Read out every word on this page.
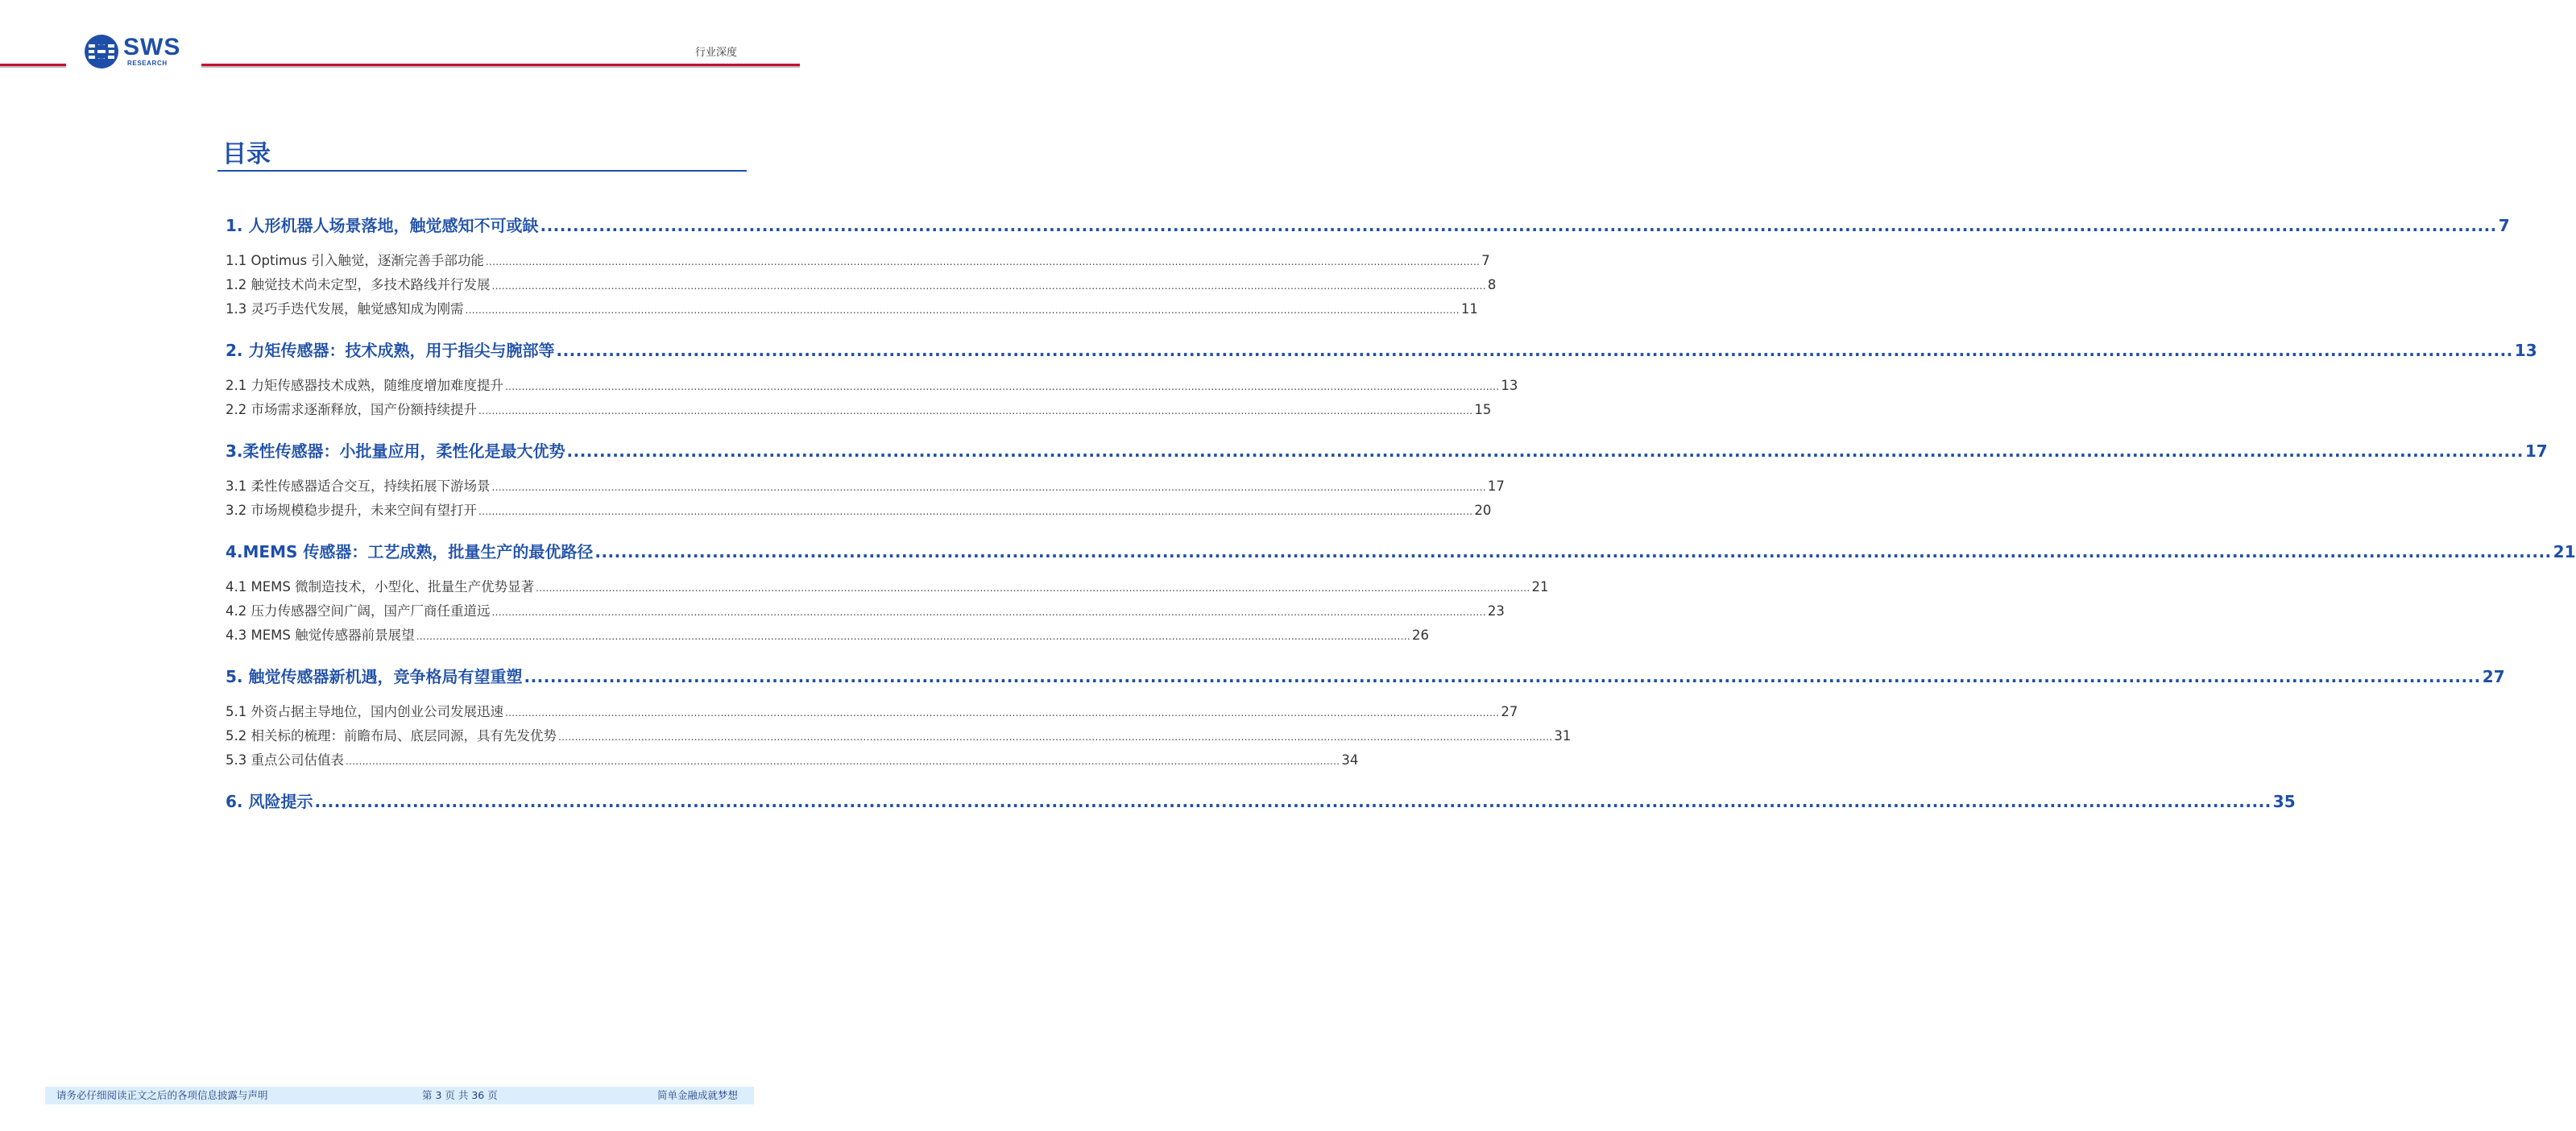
SWS
RESEARCH
行业深度
目录
1. 人形机器人场景落地，触觉感知不可或缺 ............................................................................................................................................................................................................................................................................................................ 7
1.1 Optimus 引入触觉，逐渐完善手部功能 ............................................................................................................................................................................................................................................................................................................ 7
1.2 触觉技术尚未定型，多技术路线并行发展 ............................................................................................................................................................................................................................................................................................................ 8
1.3 灵巧手迭代发展，触觉感知成为刚需 ............................................................................................................................................................................................................................................................................................................ 11
2. 力矩传感器：技术成熟，用于指尖与腕部等 ............................................................................................................................................................................................................................................................................................................ 13
2.1 力矩传感器技术成熟，随维度增加难度提升 ............................................................................................................................................................................................................................................................................................................ 13
2.2 市场需求逐渐释放，国产份额持续提升 ............................................................................................................................................................................................................................................................................................................ 15
3.柔性传感器：小批量应用，柔性化是最大优势 ............................................................................................................................................................................................................................................................................................................ 17
3.1 柔性传感器适合交互，持续拓展下游场景 ............................................................................................................................................................................................................................................................................................................ 17
3.2 市场规模稳步提升，未来空间有望打开 ............................................................................................................................................................................................................................................................................................................ 20
4.MEMS 传感器：工艺成熟，批量生产的最优路径 ............................................................................................................................................................................................................................................................................................................ 21
4.1 MEMS 微制造技术，小型化、批量生产优势显著 ............................................................................................................................................................................................................................................................................................................ 21
4.2 压力传感器空间广阔，国产厂商任重道远 ............................................................................................................................................................................................................................................................................................................ 23
4.3 MEMS 触觉传感器前景展望 ............................................................................................................................................................................................................................................................................................................ 26
5. 触觉传感器新机遇，竞争格局有望重塑 ............................................................................................................................................................................................................................................................................................................ 27
5.1 外资占据主导地位，国内创业公司发展迅速 ............................................................................................................................................................................................................................................................................................................ 27
5.2 相关标的梳理：前瞻布局、底层同源，具有先发优势 ............................................................................................................................................................................................................................................................................................................ 31
5.3 重点公司估值表 ............................................................................................................................................................................................................................................................................................................ 34
6. 风险提示 ............................................................................................................................................................................................................................................................................................................ 35
请务必仔细阅读正文之后的各项信息披露与声明	第 3 页 共 36 页	简单金融成就梦想
